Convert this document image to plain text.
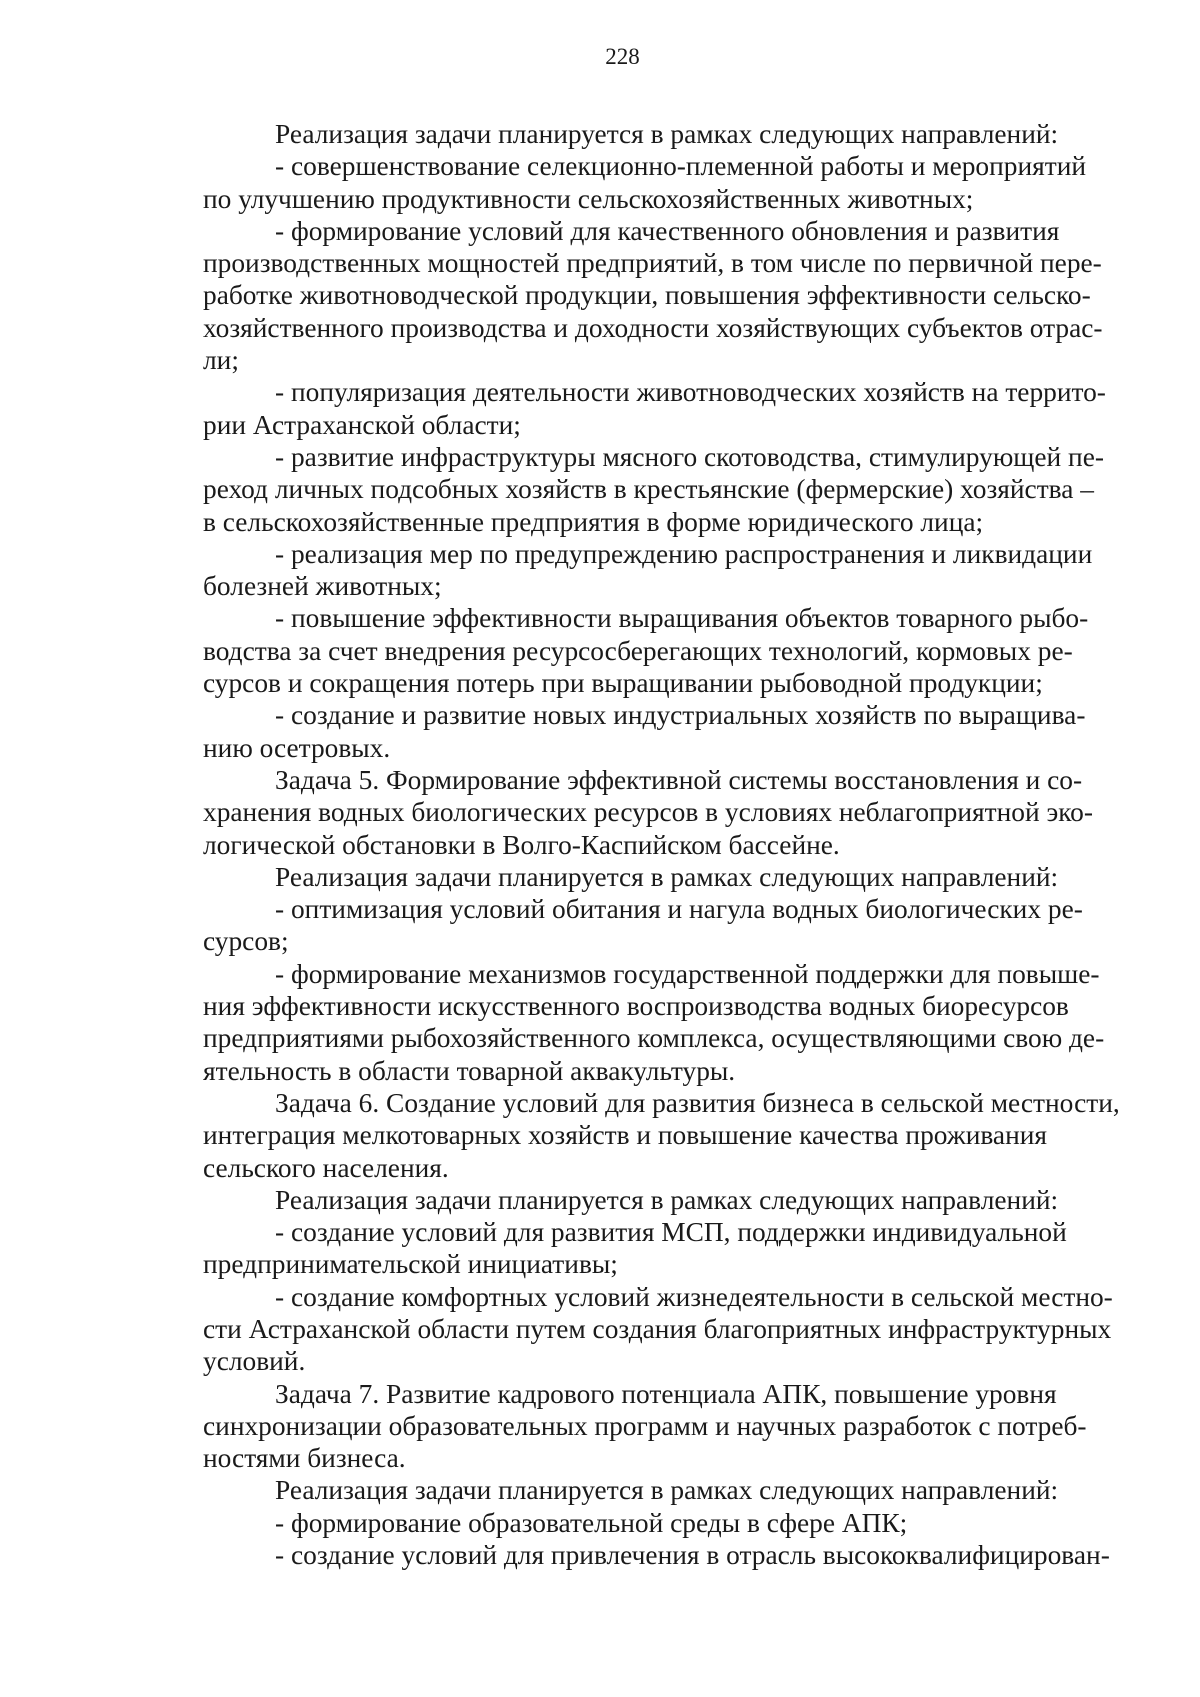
228

Реализация задачи планируется в рамках следующих направлений:

- совершенствование селекционно-племенной работы и мероприятий
по улучшению продуктивности сельскохозяйственных животных;

- формирование условий для качественного обновления и развития
производственных мощностей предприятий, в том числе по первичной пере-
работке животноводческой продукции, повышения эффективности сельско-
хозяйственного производства и доходности хозяйствующих субъектов отрас-
ли;

- популяризация деятельности животноводческих хозяйств на террито-
рии Астраханской области;

- развитие инфраструктуры мясного скотоводства, стимулирующей пе-
реход личных подсобных хозяйств в крестьянские (фермерские) хозяйства –
в сельскохозяйственные предприятия в форме юридического лица;

- реализация мер по предупреждению распространения и ликвидации
болезней животных;

- повышение эффективности выращивания объектов товарного рыбо-
водства за счет внедрения ресурсосберегающих технологий, кормовых ре-
сурсов и сокращения потерь при выращивании рыбоводной продукции;

- создание и развитие новых индустриальных хозяйств по выращива-
нию осетровых.

Задача 5. Формирование эффективной системы восстановления и со-
хранения водных биологических ресурсов в условиях неблагоприятной эко-
логической обстановки в Волго-Каспийском бассейне.

Реализация задачи планируется в рамках следующих направлений:

- оптимизация условий обитания и нагула водных биологических ре-
сурсов;

- формирование механизмов государственной поддержки для повыше-
ния эффективности искусственного воспроизводства водных биоресурсов
предприятиями рыбохозяйственного комплекса, осуществляющими свою де-
ятельность в области товарной аквакультуры.

Задача 6. Создание условий для развития бизнеса в сельской местности,
интеграция мелкотоварных хозяйств и повышение качества проживания
сельского населения.

Реализация задачи планируется в рамках следующих направлений:

- создание условий для развития МСП, поддержки индивидуальной
предпринимательской инициативы;

- создание комфортных условий жизнедеятельности в сельской местно-
сти Астраханской области путем создания благоприятных инфраструктурных
условий.

Задача 7. Развитие кадрового потенциала АПК, повышение уровня
синхронизации образовательных программ и научных разработок с потреб-
ностями бизнеса.

Реализация задачи планируется в рамках следующих направлений:

- формирование образовательной среды в сфере АПК;

- создание условий для привлечения в отрасль высококвалифицирован-
